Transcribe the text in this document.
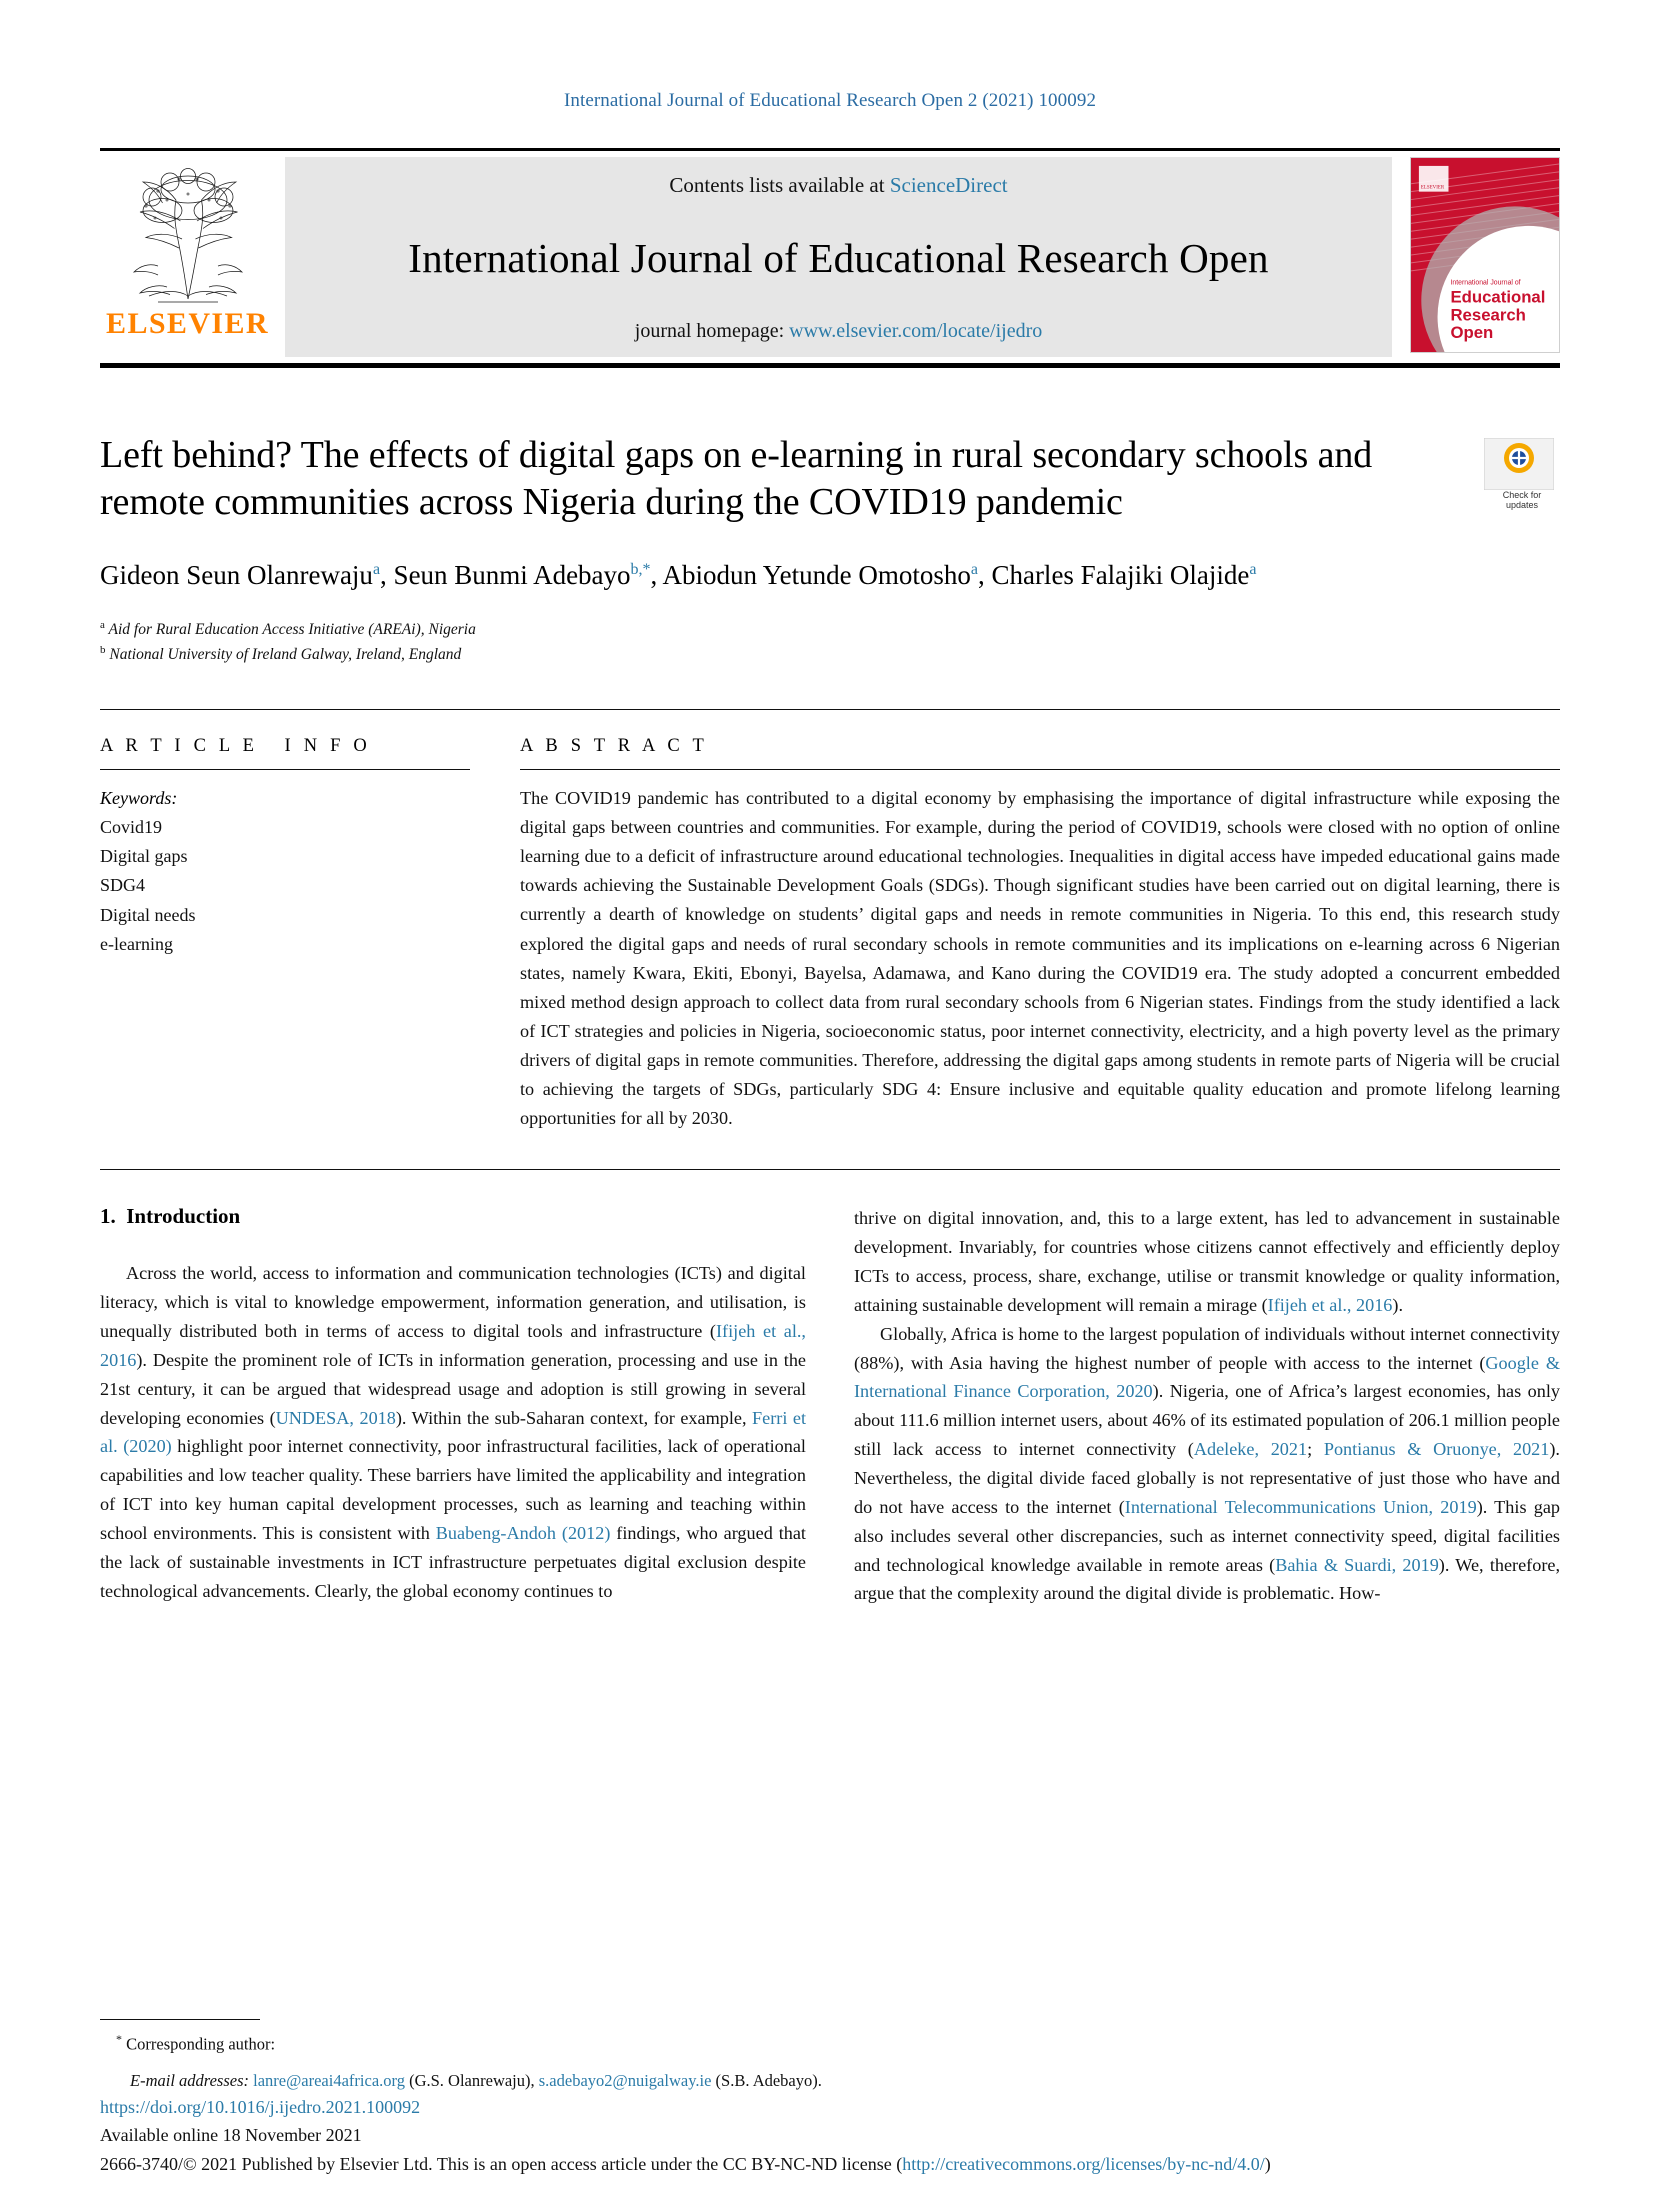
International Journal of Educational Research Open 2 (2021) 100092
ELSEVIER
Contents lists available at ScienceDirect
International Journal of Educational Research Open
journal homepage: www.elsevier.com/locate/ijedro
International Journal of
Educational
Research
Open
ELSEVIER
Left behind? The effects of digital gaps on e-learning in rural secondary schools and remote communities across Nigeria during the COVID19 pandemic	Check for
updates
Gideon Seun Olanrewaju$^a$, Seun Bunmi Adebayo$^{b,*}$, Abiodun Yetunde Omotosho$^a$, Charles Falajiki Olajide$^a$
$^a$ Aid for Rural Education Access Initiative (AREAi), Nigeria
$^b$ National University of Ireland Galway, Ireland, England
A R T I C L E   I N F O
Keywords:
Covid19
Digital gaps
SDG4
Digital needs
e-learning
A B S T R A C T
The COVID19 pandemic has contributed to a digital economy by emphasising the importance of digital infrastructure while exposing the digital gaps between countries and communities. For example, during the period of COVID19, schools were closed with no option of online learning due to a deficit of infrastructure around educational technologies. Inequalities in digital access have impeded educational gains made towards achieving the Sustainable Development Goals (SDGs). Though significant studies have been carried out on digital learning, there is currently a dearth of knowledge on students’ digital gaps and needs in remote communities in Nigeria. To this end, this research study explored the digital gaps and needs of rural secondary schools in remote communities and its implications on e-learning across 6 Nigerian states, namely Kwara, Ekiti, Ebonyi, Bayelsa, Adamawa, and Kano during the COVID19 era. The study adopted a concurrent embedded mixed method design approach to collect data from rural secondary schools from 6 Nigerian states. Findings from the study identified a lack of ICT strategies and policies in Nigeria, socioeconomic status, poor internet connectivity, electricity, and a high poverty level as the primary drivers of digital gaps in remote communities. Therefore, addressing the digital gaps among students in remote parts of Nigeria will be crucial to achieving the targets of SDGs, particularly SDG 4: Ensure inclusive and equitable quality education and promote lifelong learning opportunities for all by 2030.
1. Introduction

Across the world, access to information and communication technologies (ICTs) and digital literacy, which is vital to knowledge empowerment, information generation, and utilisation, is unequally distributed both in terms of access to digital tools and infrastructure (Ifijeh et al., 2016). Despite the prominent role of ICTs in information generation, processing and use in the 21st century, it can be argued that widespread usage and adoption is still growing in several developing economies (UNDESA, 2018). Within the sub-Saharan context, for example, Ferri et al. (2020) highlight poor internet connectivity, poor infrastructural facilities, lack of operational capabilities and low teacher quality. These barriers have limited the applicability and integration of ICT into key human capital development processes, such as learning and teaching within school environments. This is consistent with Buabeng-Andoh (2012) findings, who argued that the lack of sustainable investments in ICT infrastructure perpetuates digital exclusion despite technological advancements. Clearly, the global economy continues to

thrive on digital innovation, and, this to a large extent, has led to advancement in sustainable development. Invariably, for countries whose citizens cannot effectively and efficiently deploy ICTs to access, process, share, exchange, utilise or transmit knowledge or quality information, attaining sustainable development will remain a mirage (Ifijeh et al., 2016).

Globally, Africa is home to the largest population of individuals without internet connectivity (88%), with Asia having the highest number of people with access to the internet (Google & International Finance Corporation, 2020). Nigeria, one of Africa’s largest economies, has only about 111.6 million internet users, about 46% of its estimated population of 206.1 million people still lack access to internet connectivity (Adeleke, 2021; Pontianus & Oruonye, 2021). Nevertheless, the digital divide faced globally is not representative of just those who have and do not have access to the internet (International Telecommunications Union, 2019). This gap also includes several other discrepancies, such as internet connectivity speed, digital facilities and technological knowledge available in remote areas (Bahia & Suardi, 2019). We, therefore, argue that the complexity around the digital divide is problematic. How-

* Corresponding author:
E-mail addresses: lanre@areai4africa.org (G.S. Olanrewaju), s.adebayo2@nuigalway.ie (S.B. Adebayo).
https://doi.org/10.1016/j.ijedro.2021.100092
Available online 18 November 2021
2666-3740/© 2021 Published by Elsevier Ltd. This is an open access article under the CC BY-NC-ND license (http://creativecommons.org/licenses/by-nc-nd/4.0/)
